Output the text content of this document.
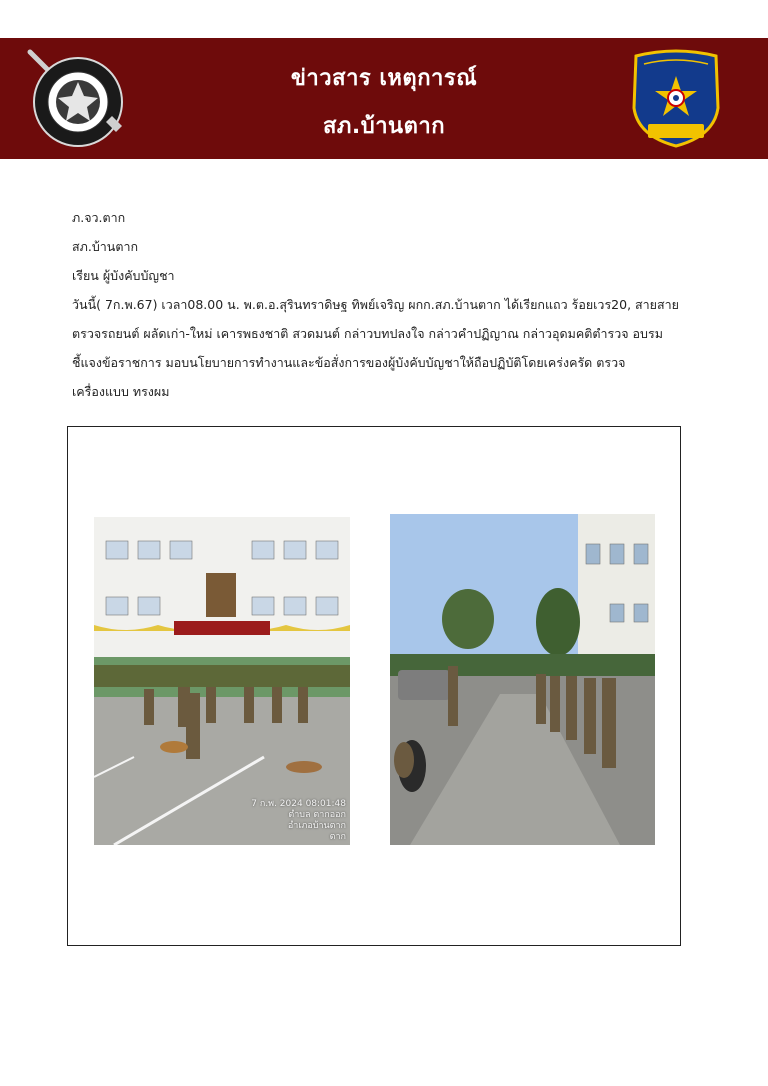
ข่าวสาร เหตุการณ์
สภ.บ้านตาก
ภ.จว.ตาก
สภ.บ้านตาก
เรียน ผู้บังคับบัญชา
วันนี้( 7ก.พ.67) เวลา08.00 น. พ.ต.อ.สุรินทราดิษฐ ทิพย์เจริญ ผกก.สภ.บ้านตาก ได้เรียกแถว ร้อยเวร20, สายสาย
ตรวจรถยนต์ ผลัดเก่า-ใหม่ เคารพธงชาติ สวดมนต์ กล่าวบทปลงใจ กล่าวคำปฏิญาณ กล่าวอุดมคติตำรวจ อบรม
ชี้แจงข้อราชการ มอบนโยบายการทำงานและข้อสั่งการของผู้บังคับบัญชาให้ถือปฏิบัติโดยเคร่งครัด ตรวจ
เครื่องแบบ ทรงผม
7 ก.พ. 2024 08:01:48
ตำบล ตากออก
อำเภอบ้านตาก
ตาก
